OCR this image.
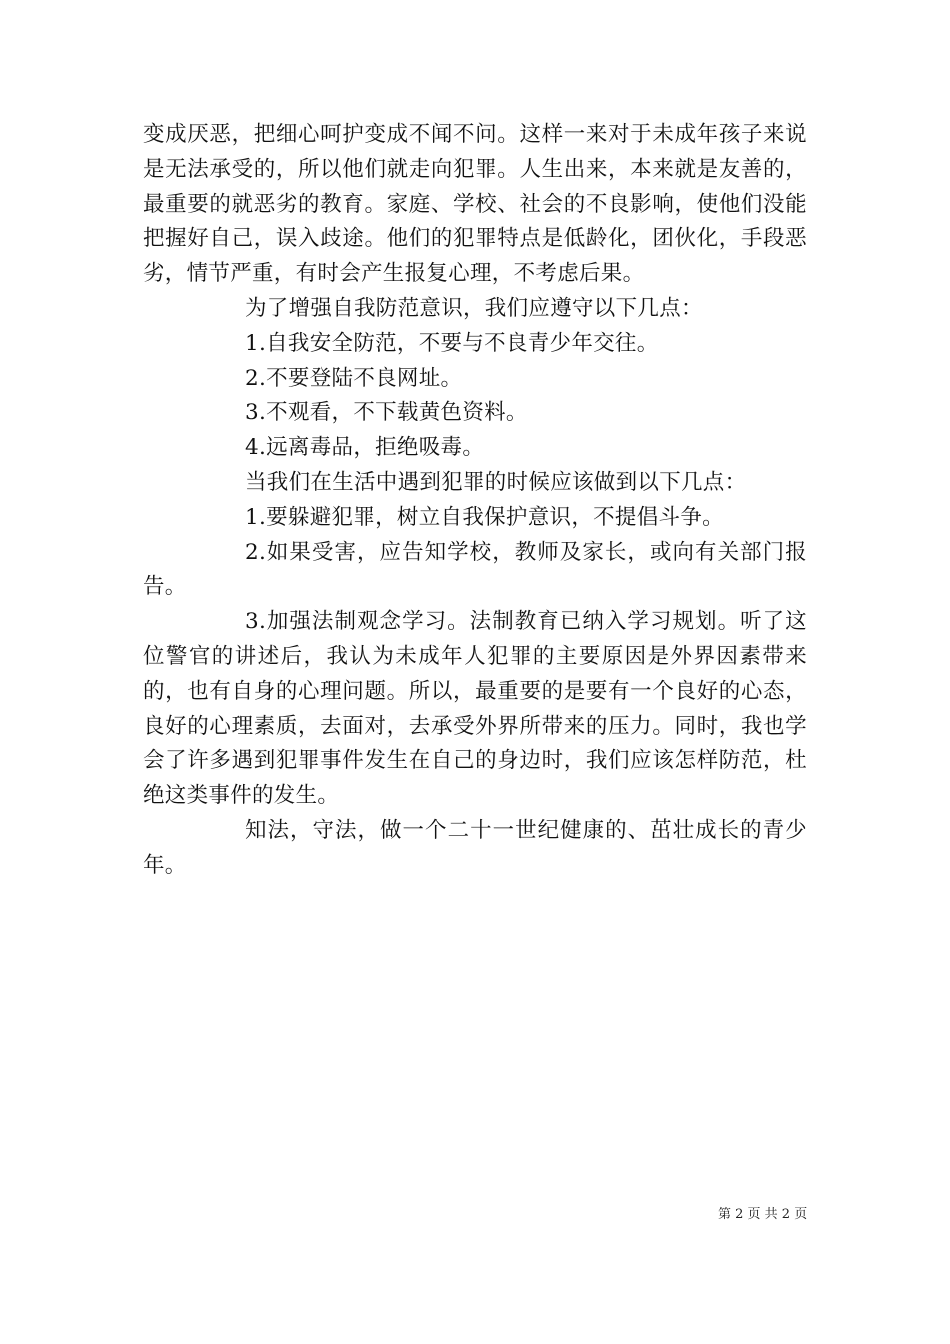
变成厌恶，把细心呵护变成不闻不问。这样一来对于未成年孩子来说是无法承受的，所以他们就走向犯罪。人生出来，本来就是友善的，最重要的就恶劣的教育。家庭、学校、社会的不良影响，使他们没能把握好自己，误入歧途。他们的犯罪特点是低龄化，团伙化，手段恶劣，情节严重，有时会产生报复心理，不考虑后果。

为了增强自我防范意识，我们应遵守以下几点：

1.自我安全防范，不要与不良青少年交往。

2.不要登陆不良网址。

3.不观看，不下载黄色资料。

4.远离毒品，拒绝吸毒。

当我们在生活中遇到犯罪的时候应该做到以下几点：

1.要躲避犯罪，树立自我保护意识，不提倡斗争。

2.如果受害，应告知学校，教师及家长，或向有关部门报告。

3.加强法制观念学习。法制教育已纳入学习规划。听了这位警官的讲述后，我认为未成年人犯罪的主要原因是外界因素带来的，也有自身的心理问题。所以，最重要的是要有一个良好的心态，良好的心理素质，去面对，去承受外界所带来的压力。同时，我也学会了许多遇到犯罪事件发生在自己的身边时，我们应该怎样防范，杜绝这类事件的发生。

知法，守法，做一个二十一世纪健康的、茁壮成长的青少年。

第 2 页 共 2 页
